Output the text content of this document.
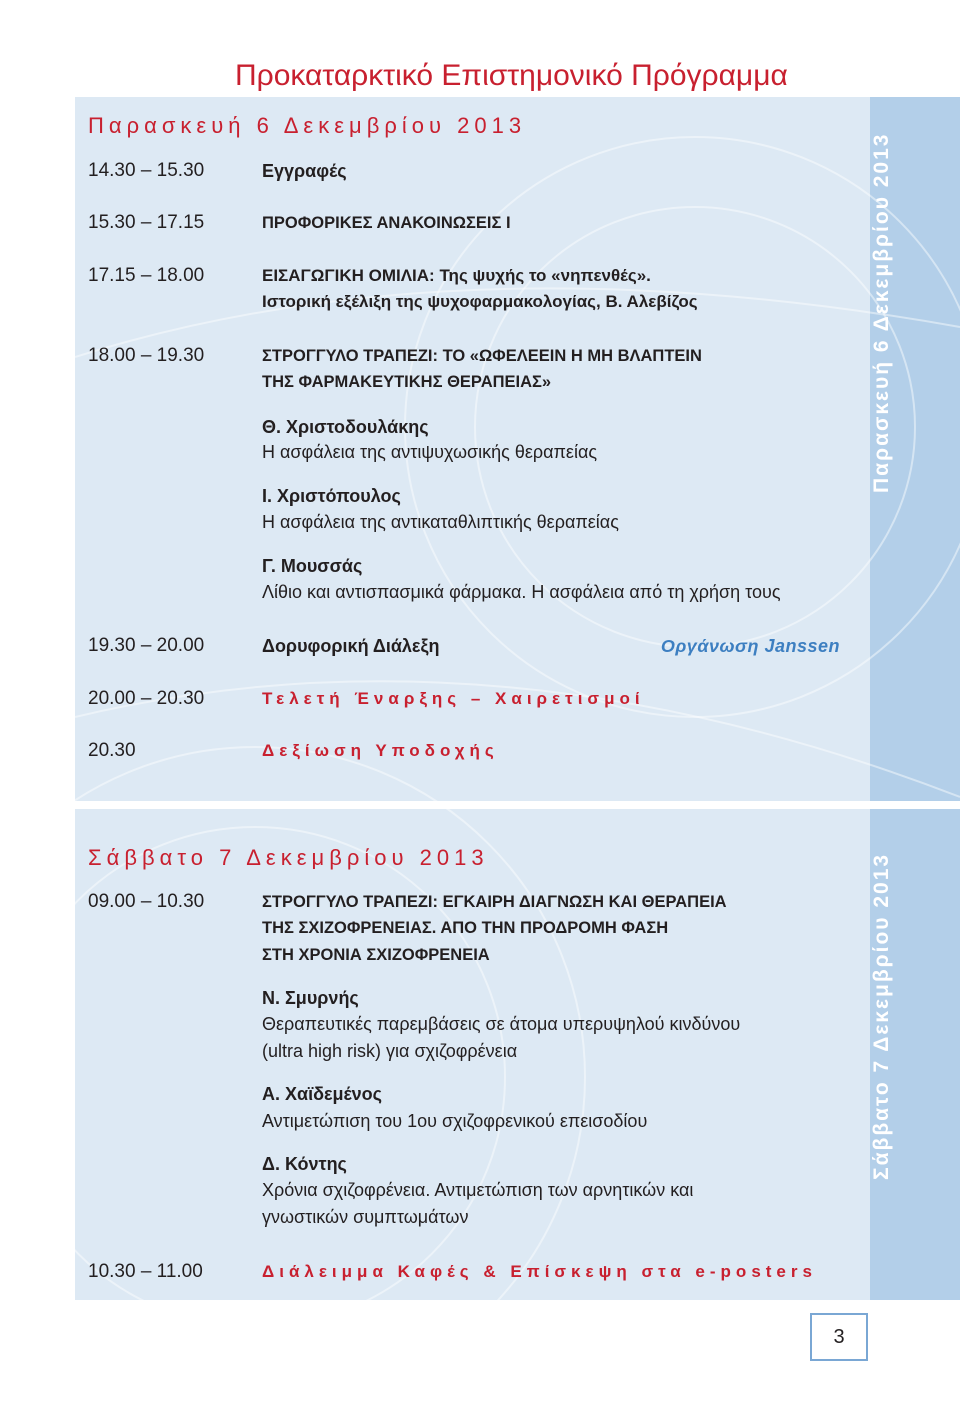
Προκαταρκτικό Επιστημονικό Πρόγραμμα
Παρασκευή 6 Δεκεμβρίου 2013
Παρασκευή 6 Δεκεμβρίου 2013
14.30 – 15.30	Εγγραφές
15.30 – 17.15	ΠΡΟΦΟΡΙΚΕΣ ΑΝΑΚΟΙΝΩΣΕΙΣ Ι
17.15 – 18.00	ΕΙΣΑΓΩΓΙΚΗ ΟΜΙΛΙΑ: Της ψυχής το «νηπενθές».
Ιστορική εξέλιξη της ψυχοφαρμακολογίας, Β. Αλεβίζος
18.00 – 19.30	ΣΤΡΟΓΓΥΛΟ ΤΡΑΠΕΖΙ: ΤΟ «ΩΦΕΛΕΕΙΝ Η ΜΗ ΒΛΑΠΤΕΙΝ
ΤΗΣ ΦΑΡΜΑΚΕΥΤΙΚΗΣ ΘΕΡΑΠΕΙΑΣ»
Θ. Χριστοδουλάκης
Η ασφάλεια της αντιψυχωσικής θεραπείας
Ι. Χριστόπουλος
Η ασφάλεια της αντικαταθλιπτικής θεραπείας
Γ. Μουσσάς
Λίθιο και αντισπασμικά φάρμακα. Η ασφάλεια από τη χρήση τους
19.30 – 20.00	Δορυφορική Διάλεξη	Οργάνωση Janssen
20.00 – 20.30	Τελετή Έναρξης – Χαιρετισμοί
20.30	Δεξίωση Υποδοχής
Σάββατο 7 Δεκεμβρίου 2013	Σάββατο 7 Δεκεμβρίου 2013
09.00 – 10.30	ΣΤΡΟΓΓΥΛΟ ΤΡΑΠΕΖΙ: ΕΓΚΑΙΡΗ ΔΙΑΓΝΩΣΗ ΚΑΙ ΘΕΡΑΠΕΙΑ
ΤΗΣ ΣΧΙΖΟΦΡΕΝΕΙΑΣ. ΑΠΟ ΤΗΝ ΠΡΟΔΡΟΜΗ ΦΑΣΗ
ΣΤΗ ΧΡΟΝΙΑ ΣΧΙΖΟΦΡΕΝΕΙΑ
Ν. Σμυρνής
Θεραπευτικές παρεμβάσεις σε άτομα υπερυψηλού κινδύνου
(ultra high risk) για σχιζοφρένεια
Α. Χαϊδεμένος
Αντιμετώπιση του 1ου σχιζοφρενικού επεισοδίου
Δ. Κόντης
Χρόνια σχιζοφρένεια. Αντιμετώπιση των αρνητικών και
γνωστικών συμπτωμάτων
10.30 – 11.00	Διάλειμμα Καφές & Επίσκεψη στα e-posters
3
